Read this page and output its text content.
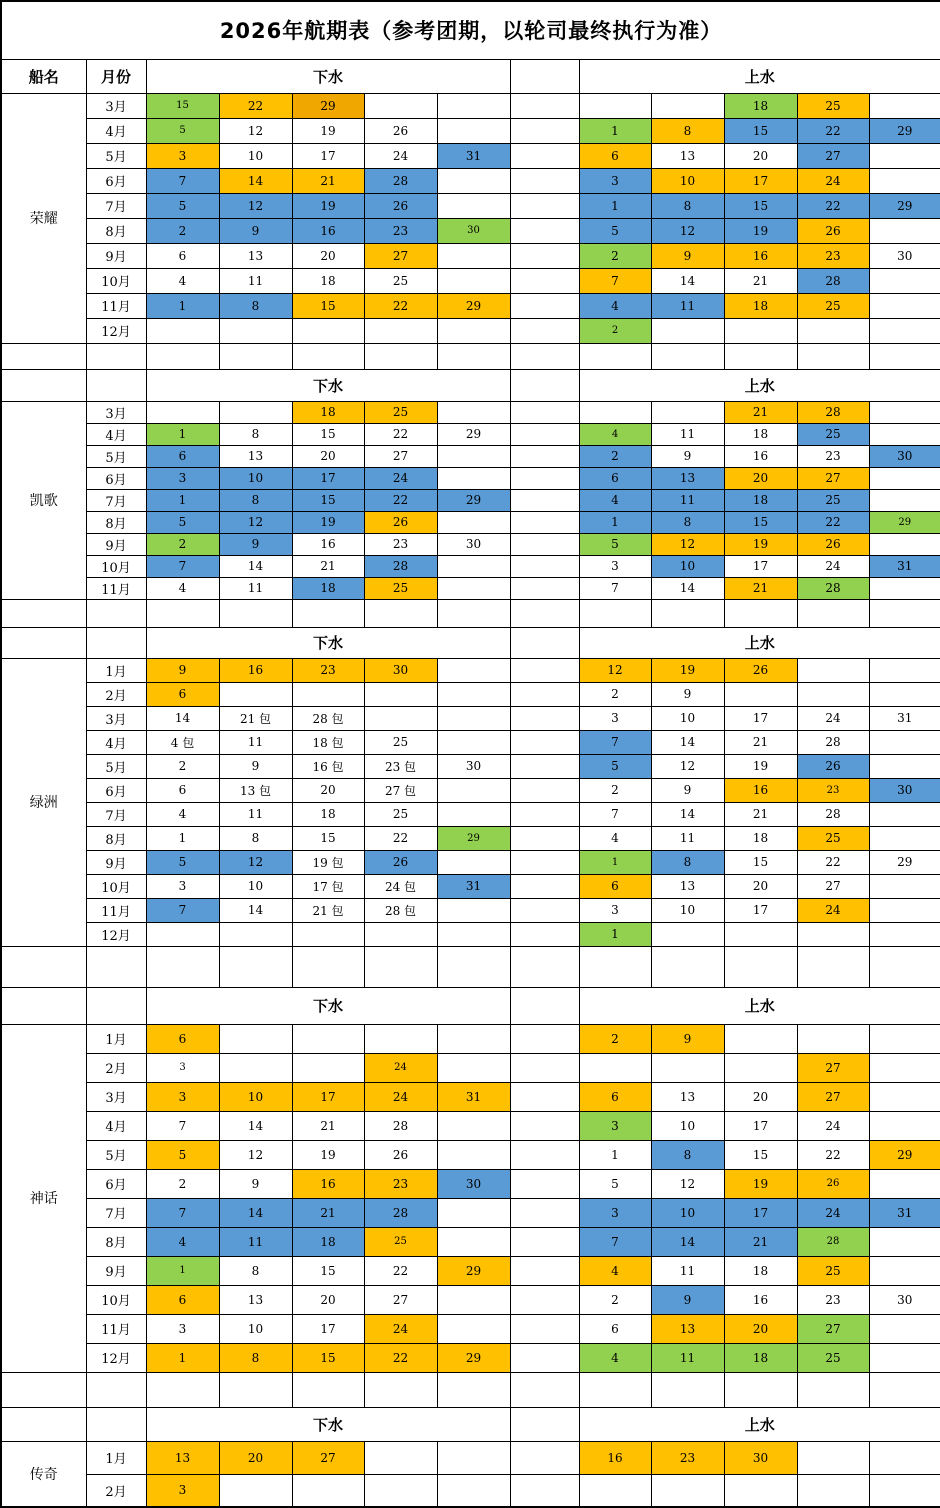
2026年航期表（参考团期，以轮司最终执行为准）												
船名	月份	下水						上水				
荣耀	3月	15	22	29						18	25	
	4月	5	12	19	26			1	8	15	22	29
	5月	3	10	17	24	31		6	13	20	27	
	6月	7	14	21	28			3	10	17	24	
	7月	5	12	19	26			1	8	15	22	29
	8月	2	9	16	23	30		5	12	19	26	
	9月	6	13	20	27			2	9	16	23	30
	10月	4	11	18	25			7	14	21	28	
	11月	1	8	15	22	29		4	11	18	25	
	12月							2				

		下水						上水				
凯歌	3月			18	25					21	28	
	4月	1	8	15	22	29		4	11	18	25	
	5月	6	13	20	27			2	9	16	23	30
	6月	3	10	17	24			6	13	20	27	
	7月	1	8	15	22	29		4	11	18	25	
	8月	5	12	19	26			1	8	15	22	29
	9月	2	9	16	23	30		5	12	19	26	
	10月	7	14	21	28			3	10	17	24	31
	11月	4	11	18	25			7	14	21	28	

		下水						上水				
绿洲	1月	9	16	23	30			12	19	26		
	2月	6						2	9			
	3月	14	21 包	28 包				3	10	17	24	31
	4月	4 包	11	18 包	25			7	14	21	28	
	5月	2	9	16 包	23 包	30		5	12	19	26	
	6月	6	13 包	20	27 包			2	9	16	23	30
	7月	4	11	18	25			7	14	21	28	
	8月	1	8	15	22	29		4	11	18	25	
	9月	5	12	19 包	26			1	8	15	22	29
	10月	3	10	17 包	24 包	31		6	13	20	27	
	11月	7	14	21 包	28 包			3	10	17	24	
	12月							1				

		下水						上水				
神话	1月	6						2	9			
	2月	3			24						27	
	3月	3	10	17	24	31		6	13	20	27	
	4月	7	14	21	28			3	10	17	24	
	5月	5	12	19	26			1	8	15	22	29
	6月	2	9	16	23	30		5	12	19	26	
	7月	7	14	21	28			3	10	17	24	31
	8月	4	11	18	25			7	14	21	28	
	9月	1	8	15	22	29		4	11	18	25	
	10月	6	13	20	27			2	9	16	23	30
	11月	3	10	17	24			6	13	20	27	
	12月	1	8	15	22	29		4	11	18	25	

		下水						上水				
传奇	1月	13	20	27				16	23	30		
	2月	3										
